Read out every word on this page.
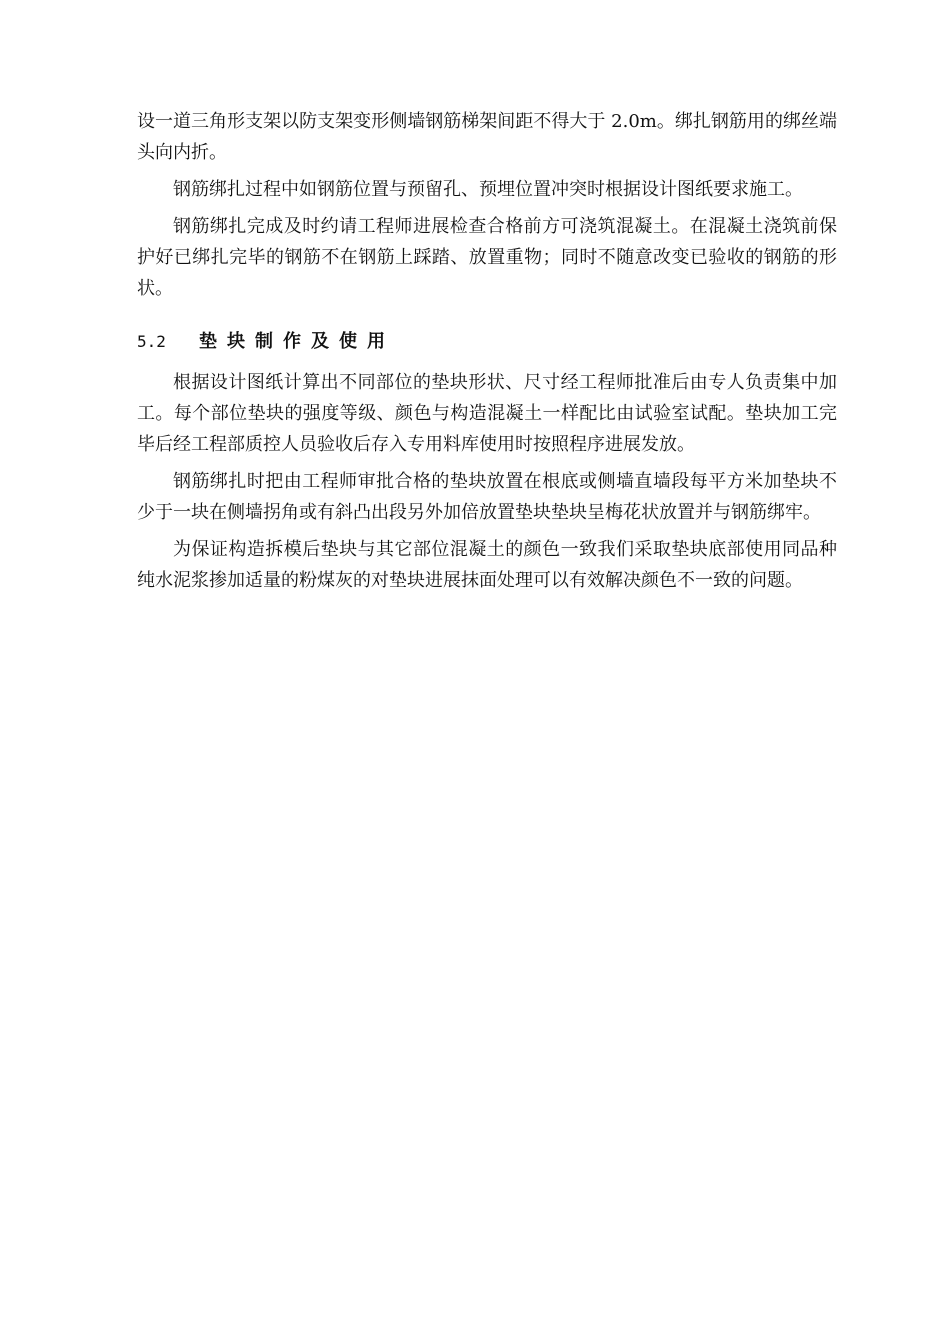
设一道三角形支架以防支架变形侧墙钢筋梯架间距不得大于 2.0m。绑扎钢筋用的绑丝端头向内折。

钢筋绑扎过程中如钢筋位置与预留孔、预埋位置冲突时根据设计图纸要求施工。

钢筋绑扎完成及时约请工程师进展检查合格前方可浇筑混凝土。在混凝土浇筑前保护好已绑扎完毕的钢筋不在钢筋上踩踏、放置重物；同时不随意改变已验收的钢筋的形状。

5.2	垫块制作及使用

根据设计图纸计算出不同部位的垫块形状、尺寸经工程师批准后由专人负责集中加工。每个部位垫块的强度等级、颜色与构造混凝土一样配比由试验室试配。垫块加工完毕后经工程部质控人员验收后存入专用料库使用时按照程序进展发放。

钢筋绑扎时把由工程师审批合格的垫块放置在根底或侧墙直墙段每平方米加垫块不少于一块在侧墙拐角或有斜凸出段另外加倍放置垫块垫块呈梅花状放置并与钢筋绑牢。

为保证构造拆模后垫块与其它部位混凝土的颜色一致我们采取垫块底部使用同品种纯水泥浆掺加适量的粉煤灰的对垫块进展抹面处理可以有效解决颜色不一致的问题。
